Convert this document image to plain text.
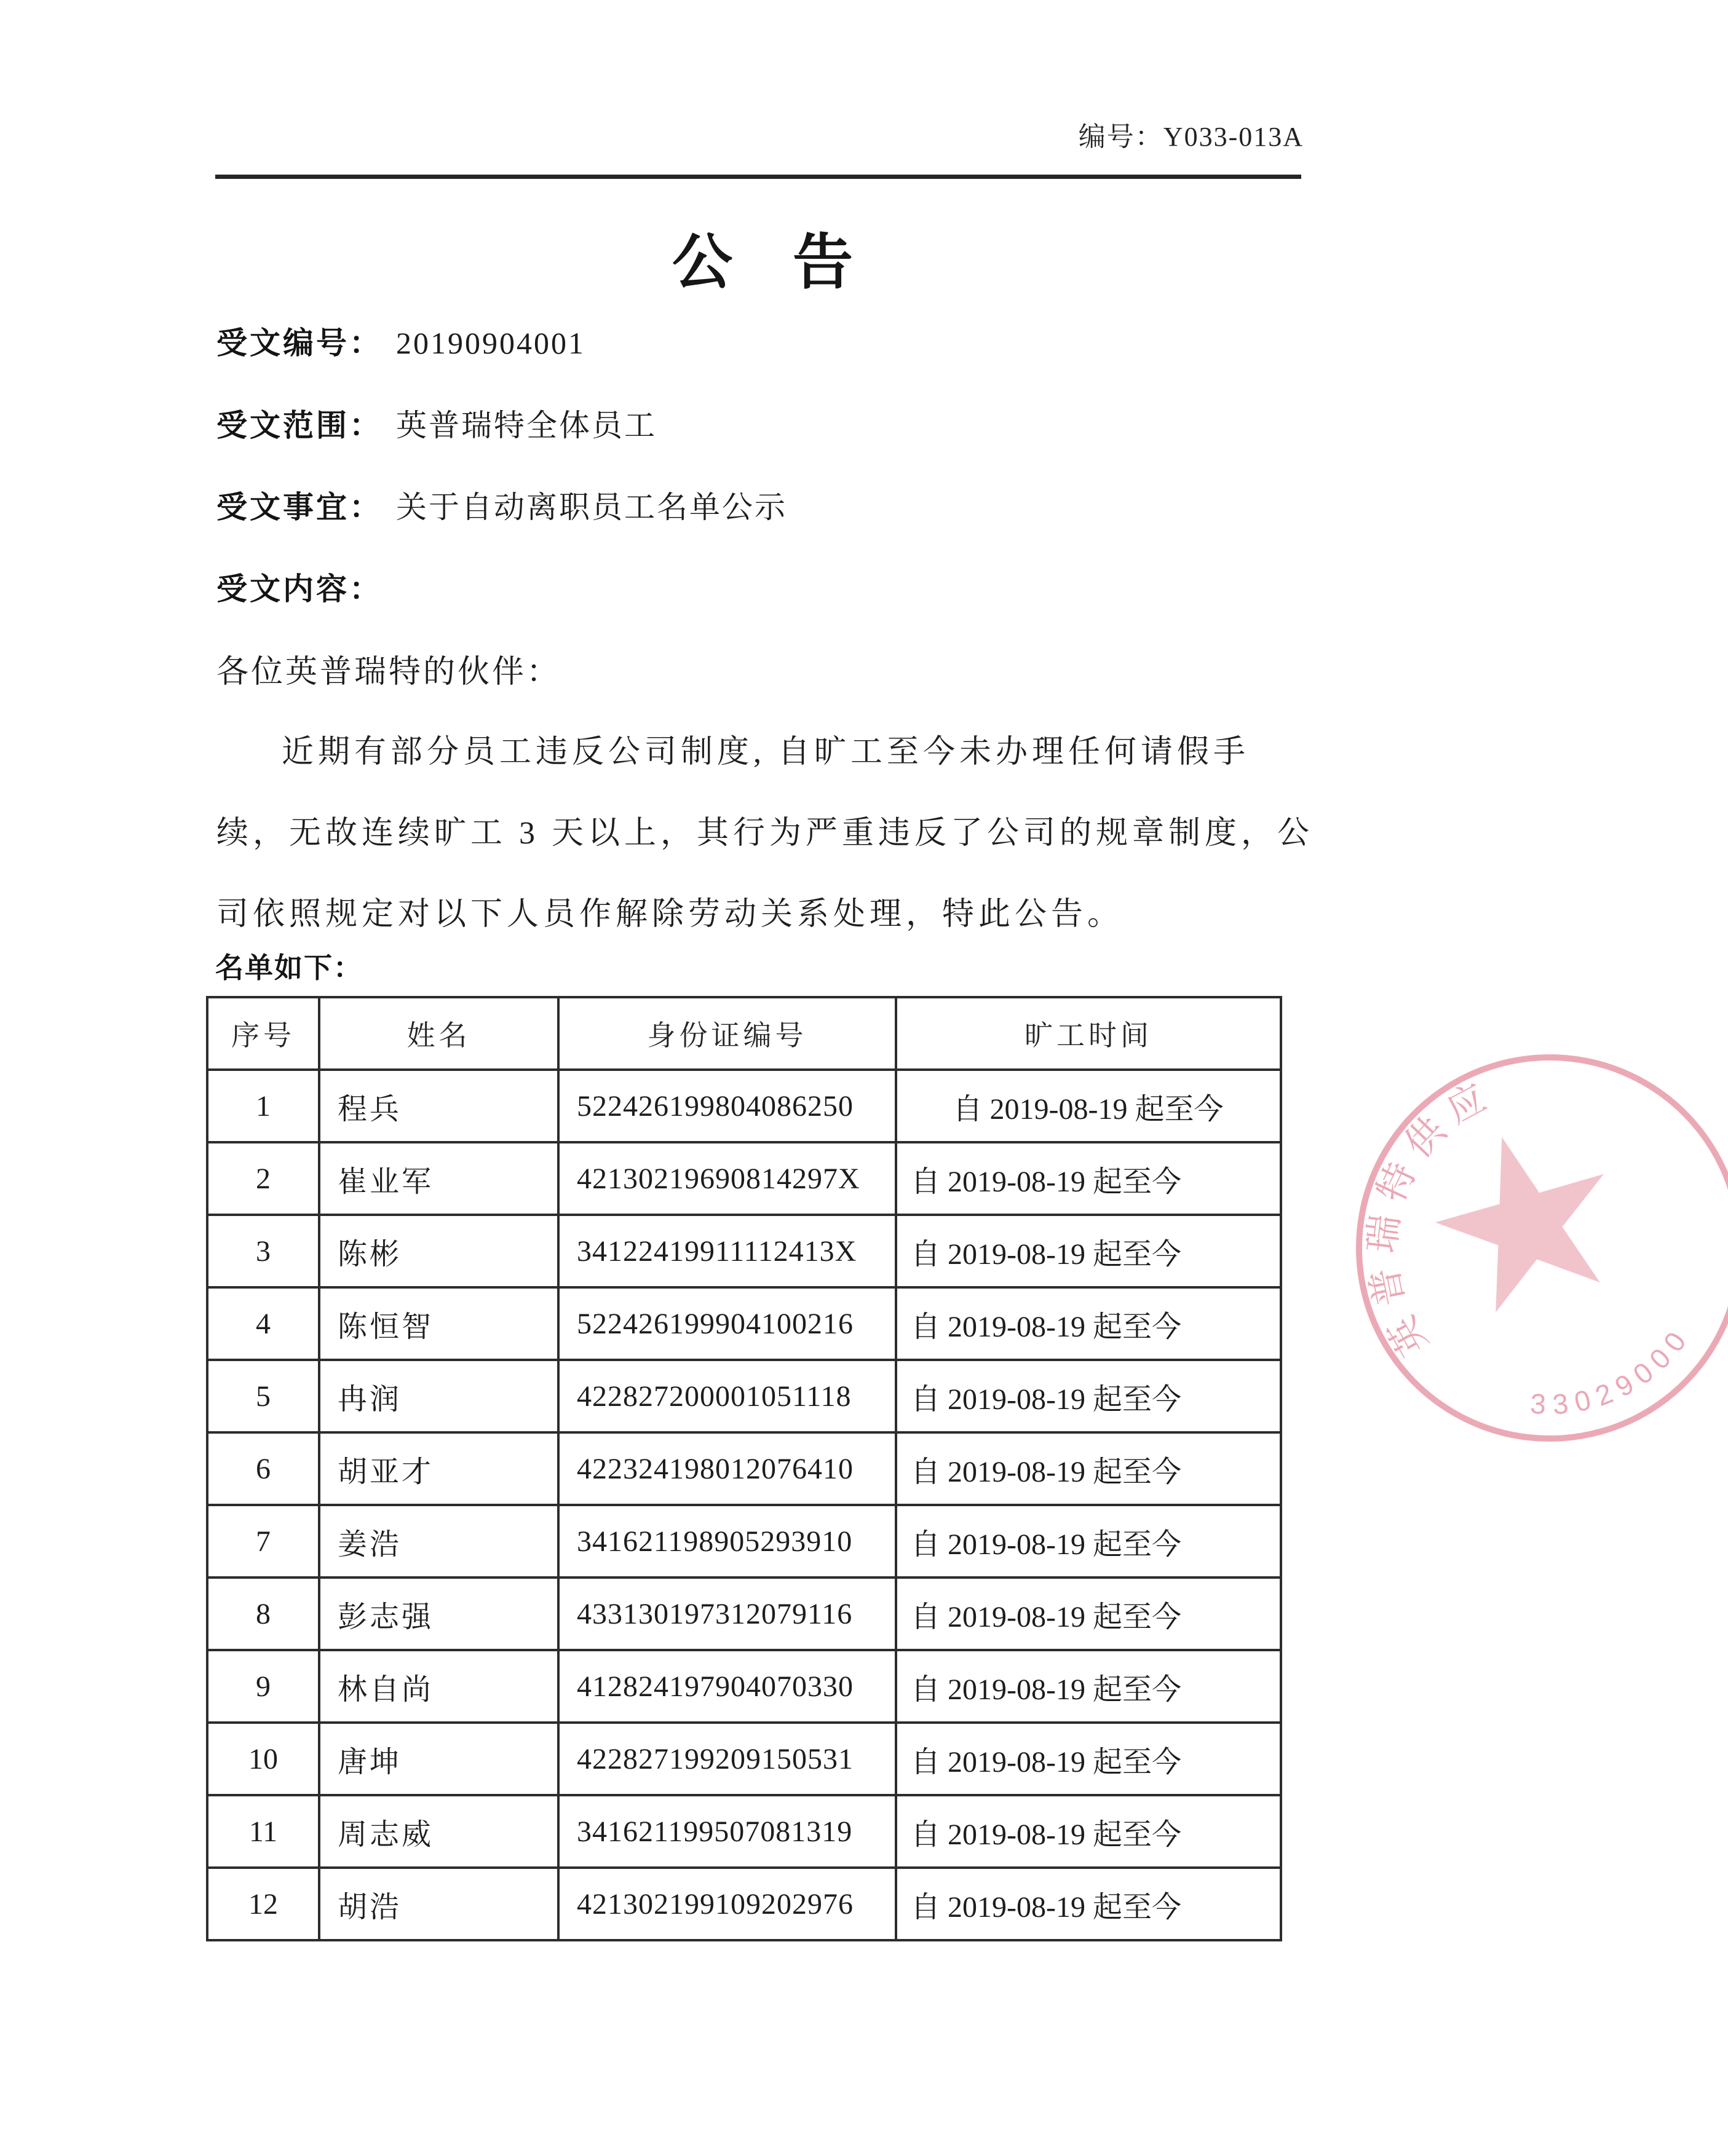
编号：Y033-013A
公　告
受文编号： 20190904001
受文范围： 英普瑞特全体员工
受文事宜： 关于自动离职员工名单公示
受文内容：
各位英普瑞特的伙伴：
近期有部分员工违反公司制度, 自旷工至今未办理任何请假手
续，无故连续旷工 3 天以上，其行为严重违反了公司的规章制度，公
司依照规定对以下人员作解除劳动关系处理，特此公告。
名单如下：
序号	姓名	身份证编号	旷工时间
1	程兵	522426199804086250	自 2019-08-19 起至今
2	崔业军	42130219690814297X	自 2019-08-19 起至今
3	陈彬	34122419911112413X	自 2019-08-19 起至今
4	陈恒智	522426199904100216	自 2019-08-19 起至今
5	冉润	422827200001051118	自 2019-08-19 起至今
6	胡亚才	422324198012076410	自 2019-08-19 起至今
7	姜浩	341621198905293910	自 2019-08-19 起至今
8	彭志强	433130197312079116	自 2019-08-19 起至今
9	林自尚	412824197904070330	自 2019-08-19 起至今
10	唐坤	422827199209150531	自 2019-08-19 起至今
11	周志威	341621199507081319	自 2019-08-19 起至今
12	胡浩	421302199109202976	自 2019-08-19 起至今
英普瑞特供应
33029000
